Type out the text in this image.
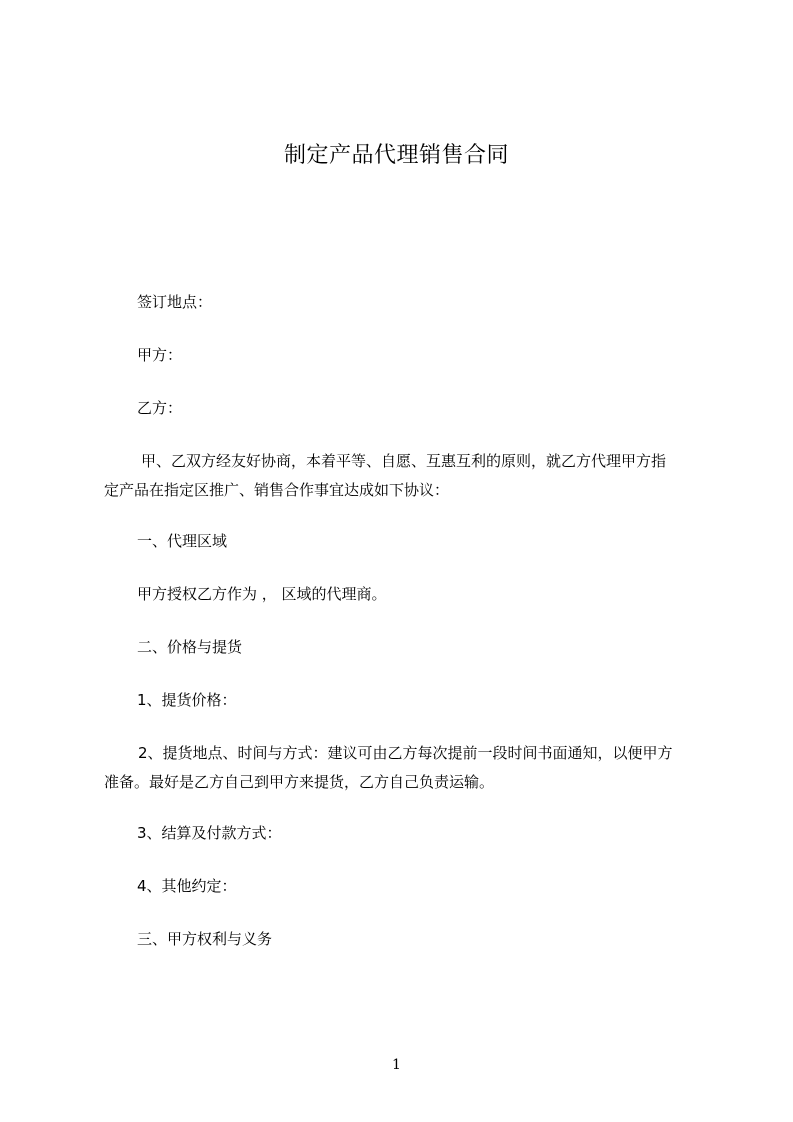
制定产品代理销售合同
签订地点：
甲方：
乙方：
甲、乙双方经友好协商，本着平等、自愿、互惠互利的原则，就乙方代理甲方指
定产品在指定区推广、销售合作事宜达成如下协议：
一、代理区域
甲方授权乙方作为 ， 区域的代理商。
二、价格与提货
1、提货价格：
2、提货地点、时间与方式：建议可由乙方每次提前一段时间书面通知，以便甲方
准备。最好是乙方自己到甲方来提货，乙方自己负责运输。
3、结算及付款方式：
4、其他约定：
三、甲方权利与义务
1
